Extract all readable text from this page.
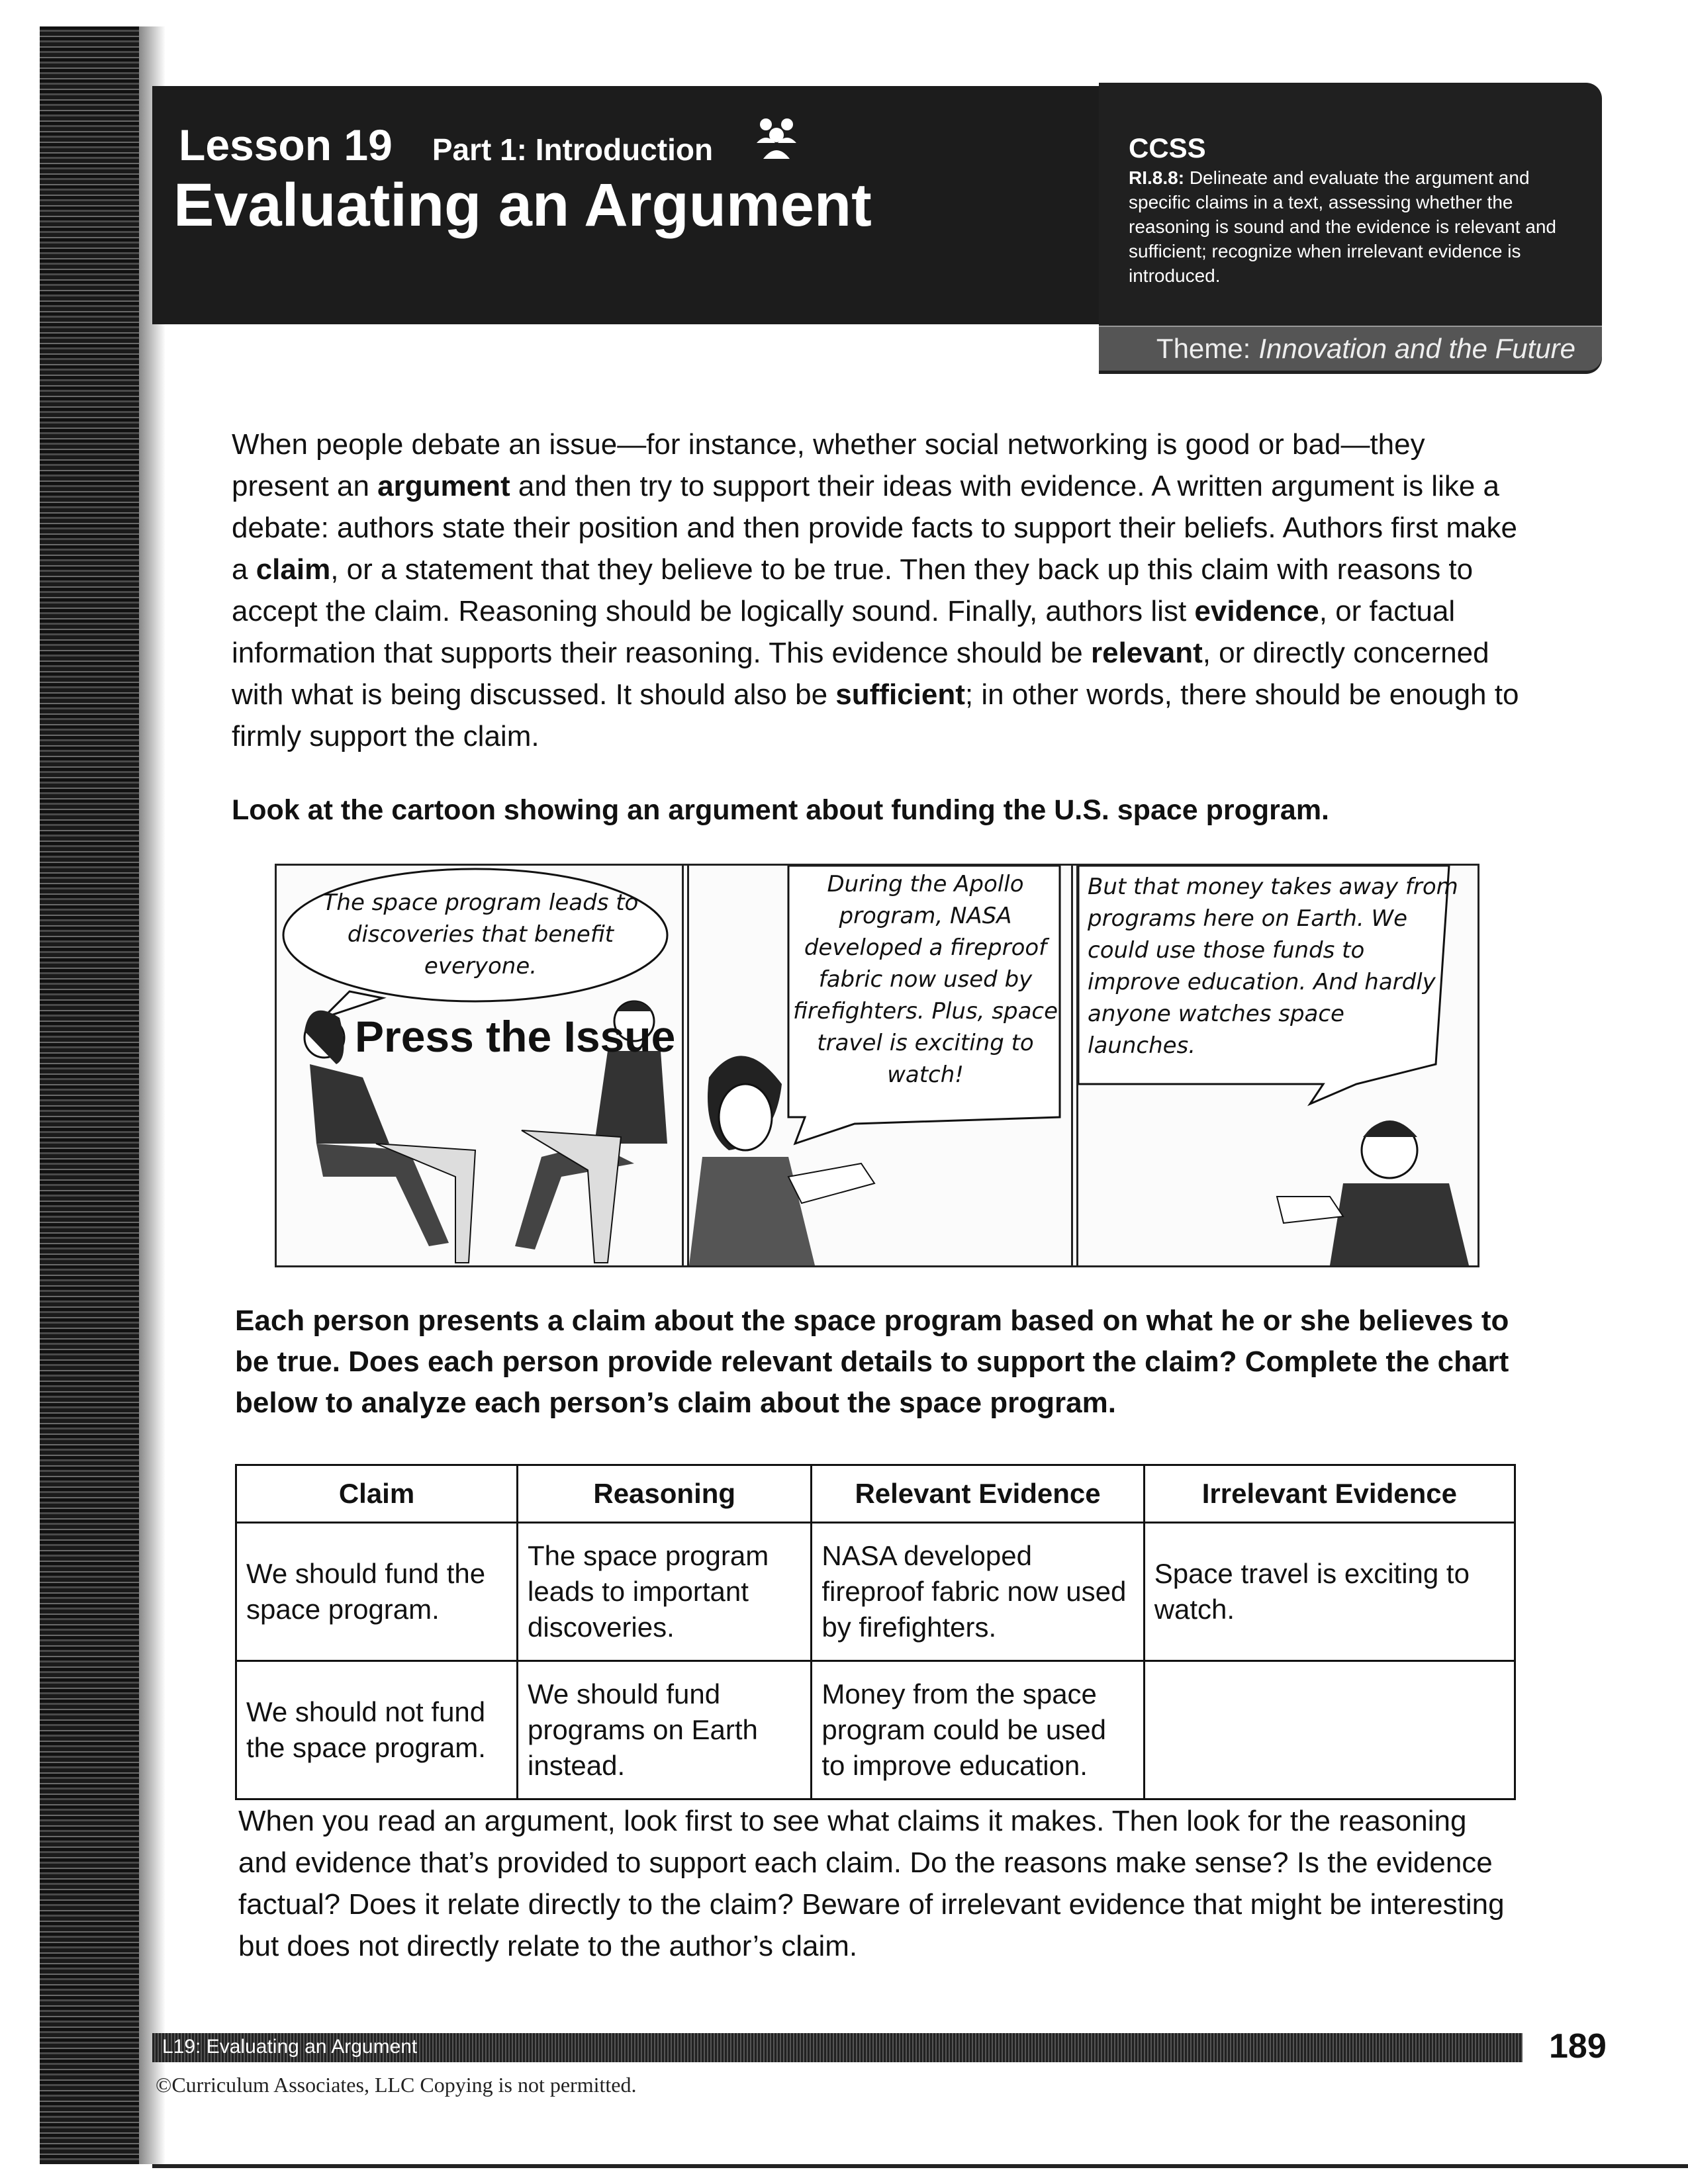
Lesson 19 Part 1: Introduction
Evaluating an Argument
CCSS
RI.8.8: Delineate and evaluate the argument and specific claims in a text, assessing whether the reasoning is sound and the evidence is relevant and sufficient; recognize when irrelevant evidence is introduced.
Theme: Innovation and the Future
When people debate an issue—for instance, whether social networking is good or bad—they present an argument and then try to support their ideas with evidence. A written argument is like a debate: authors state their position and then provide facts to support their beliefs. Authors first make a claim, or a statement that they believe to be true. Then they back up this claim with reasons to accept the claim. Reasoning should be logically sound. Finally, authors list evidence, or factual information that supports their reasoning. This evidence should be relevant, or directly concerned with what is being discussed. It should also be sufficient; in other words, there should be enough to firmly support the claim.
Look at the cartoon showing an argument about funding the U.S. space program.
The space program leads to discoveries that benefit everyone.
Press the Issue
During the Apollo program, NASA developed a fireproof fabric now used by firefighters. Plus, space travel is exciting to watch!
But that money takes away from programs here on Earth. We could use those funds to improve education. And hardly anyone watches space launches.
Each person presents a claim about the space program based on what he or she believes to be true. Does each person provide relevant details to support the claim? Complete the chart below to analyze each person’s claim about the space program.
Claim	Reasoning	Relevant Evidence	Irrelevant Evidence
We should fund the space program.	The space program leads to important discoveries.	NASA developed fireproof fabric now used by firefighters.	Space travel is exciting to watch.
We should not fund the space program.	We should fund programs on Earth instead.	Money from the space program could be used to improve education.	
When you read an argument, look first to see what claims it makes. Then look for the reasoning and evidence that’s provided to support each claim. Do the reasons make sense? Is the evidence factual? Does it relate directly to the claim? Beware of irrelevant evidence that might be interesting but does not directly relate to the author’s claim.
L19: Evaluating an Argument	189
©Curriculum Associates, LLC Copying is not permitted.
